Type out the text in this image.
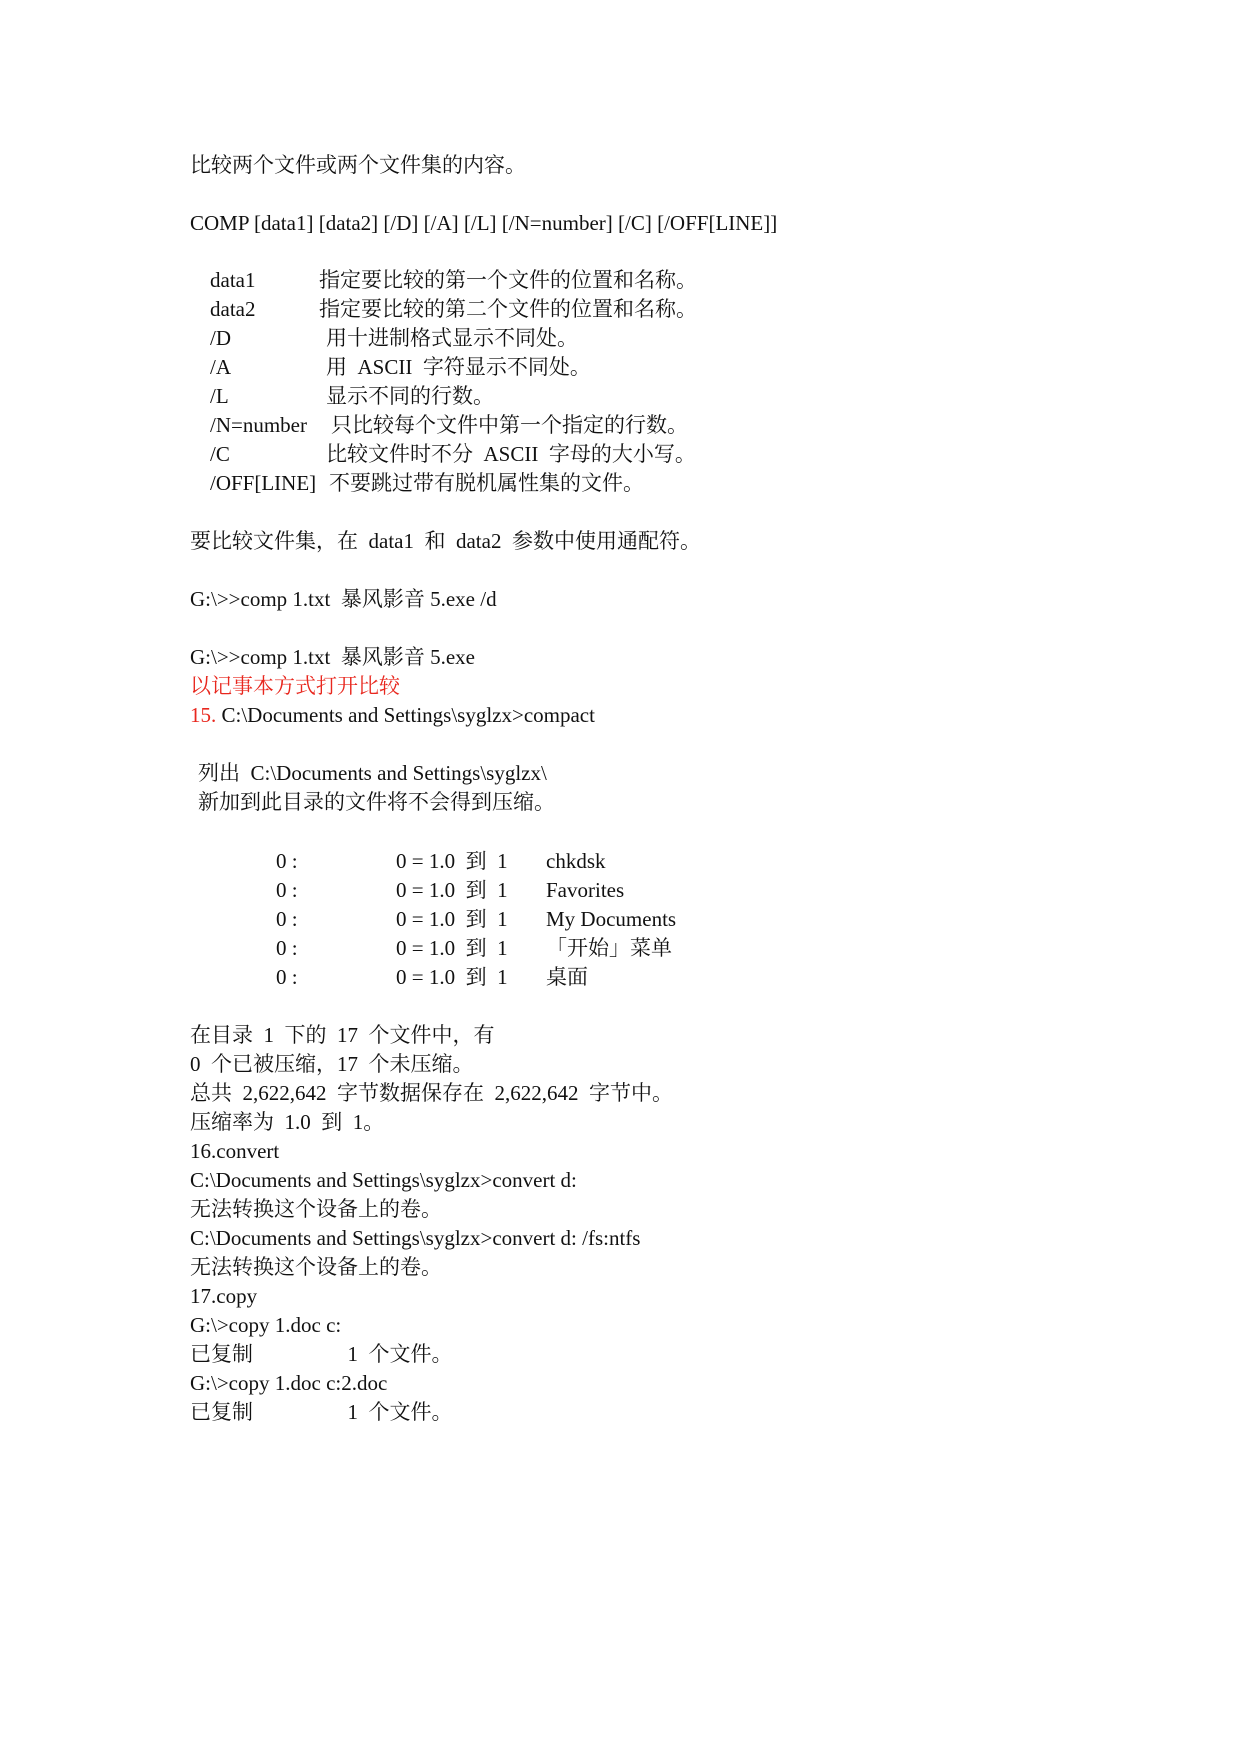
比较两个文件或两个文件集的内容。

COMP [data1] [data2] [/D] [/A] [/L] [/N=number] [/C] [/OFF[LINE]]

data1	指定要比较的第一个文件的位置和名称。
data2	指定要比较的第二个文件的位置和名称。
/D	用十进制格式显示不同处。
/A	用  ASCII  字符显示不同处。
/L	显示不同的行数。
/N=number 只比较每个文件中第一个指定的行数。
/C	比较文件时不分  ASCII  字母的大小写。
/OFF[LINE] 不要跳过带有脱机属性集的文件。

要比较文件集，在  data1  和  data2  参数中使用通配符。

G:\>>comp 1.txt  暴风影音 5.exe /d

G:\>>comp 1.txt  暴风影音 5.exe

以记事本方式打开比较

15. C:\Documents and Settings\syglzx>compact

列出  C:\Documents and Settings\syglzx\

新加到此目录的文件将不会得到压缩。

0 :	0 = 1.0  到  1 chkdsk
0 :	0 = 1.0  到  1 Favorites
0 :	0 = 1.0  到  1 My Documents
0 :	0 = 1.0  到  1 「开始」菜单
0 :	0 = 1.0  到  1 桌面

在目录  1  下的  17  个文件中，有

0  个已被压缩，17  个未压缩。

总共  2,622,642  字节数据保存在  2,622,642  字节中。

压缩率为  1.0  到  1。

16.convert

C:\Documents and Settings\syglzx>convert d:

无法转换这个设备上的卷。

C:\Documents and Settings\syglzx>convert d: /fs:ntfs

无法转换这个设备上的卷。

17.copy

G:\>copy 1.doc c:

已复制                  1  个文件。

G:\>copy 1.doc c:2.doc

已复制                  1  个文件。
